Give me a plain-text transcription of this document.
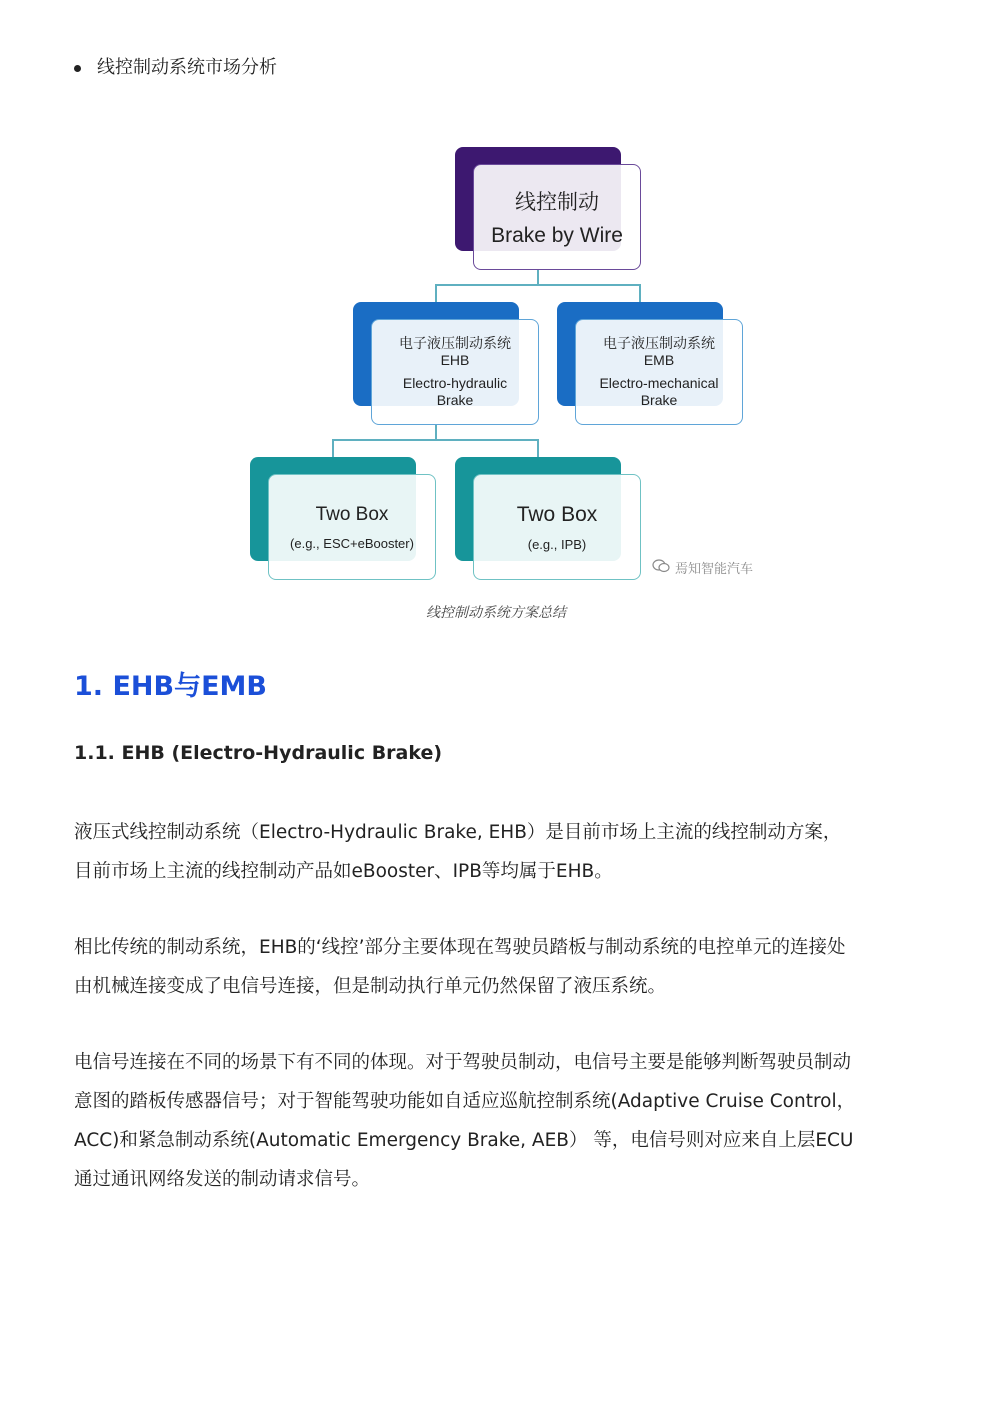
线控制动系统市场分析
线控制动
Brake by Wire
电子液压制动系统
EHB
Electro-hydraulic
Brake
电子液压制动系统
EMB
Electro-mechanical
Brake
Two Box
(e.g., ESC+eBooster)
Two Box
(e.g., IPB)
焉知智能汽车
线控制动系统方案总结
1. EHB与EMB
1.1. EHB (Electro-Hydraulic Brake)
液压式线控制动系统（Electro-Hydraulic Brake, EHB）是目前市场上主流的线控制动方案，
目前市场上主流的线控制动产品如eBooster、IPB等均属于EHB。
相比传统的制动系统，EHB的‘线控’部分主要体现在驾驶员踏板与制动系统的电控单元的连接处
由机械连接变成了电信号连接，但是制动执行单元仍然保留了液压系统。
电信号连接在不同的场景下有不同的体现。对于驾驶员制动，电信号主要是能够判断驾驶员制动
意图的踏板传感器信号；对于智能驾驶功能如自适应巡航控制系统(Adaptive Cruise Control，
ACC)和紧急制动系统(Automatic Emergency Brake, AEB） 等，电信号则对应来自上层ECU
通过通讯网络发送的制动请求信号。
